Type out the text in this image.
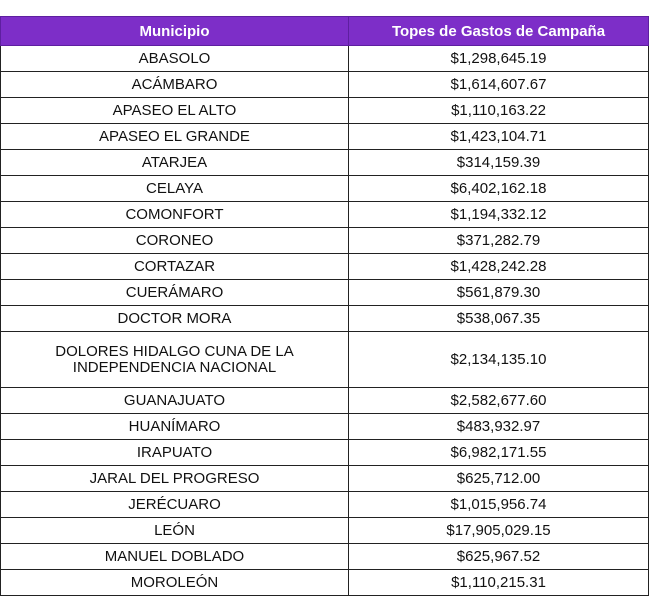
Municipio	Topes de Gastos de Campaña
ABASOLO	$1,298,645.19
ACÁMBARO	$1,614,607.67
APASEO EL ALTO	$1,110,163.22
APASEO EL GRANDE	$1,423,104.71
ATARJEA	$314,159.39
CELAYA	$6,402,162.18
COMONFORT	$1,194,332.12
CORONEO	$371,282.79
CORTAZAR	$1,428,242.28
CUERÁMARO	$561,879.30
DOCTOR MORA	$538,067.35

DOLORES HIDALGO CUNA DE LA INDEPENDENCIA NACIONAL	$2,134,135.10
GUANAJUATO	$2,582,677.60
HUANÍMARO	$483,932.97
IRAPUATO	$6,982,171.55
JARAL DEL PROGRESO	$625,712.00
JERÉCUARO	$1,015,956.74
LEÓN	$17,905,029.15
MANUEL DOBLADO	$625,967.52
MOROLEÓN	$1,110,215.31
